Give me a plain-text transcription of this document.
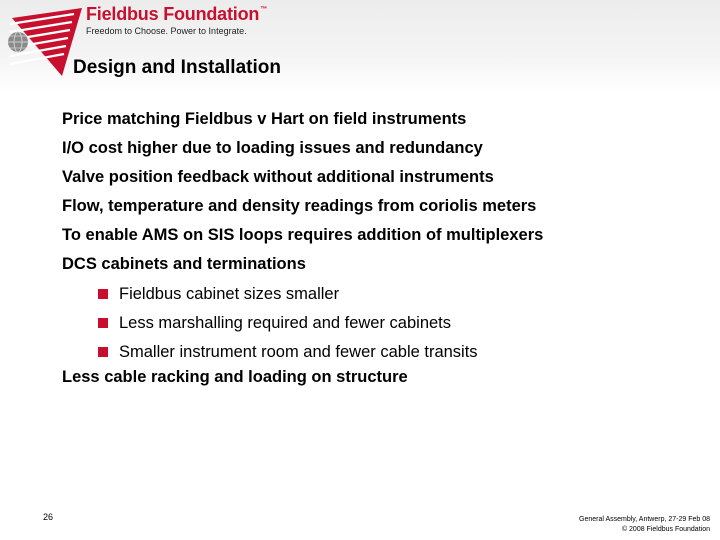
Fieldbus Foundation™
Freedom to Choose. Power to Integrate.
Design and Installation
Price matching Fieldbus v Hart on field instruments
I/O cost higher due to loading issues and redundancy
Valve position feedback without additional instruments
Flow, temperature and density readings from coriolis meters
To enable AMS on SIS loops requires addition of multiplexers
DCS cabinets and terminations
Fieldbus cabinet sizes smaller
Less marshalling required and fewer cabinets
Smaller instrument room and fewer cable transits
Less cable racking and loading on structure
26	General Assembly, Antwerp, 27-29 Feb 08
© 2008 Fieldbus Foundation
